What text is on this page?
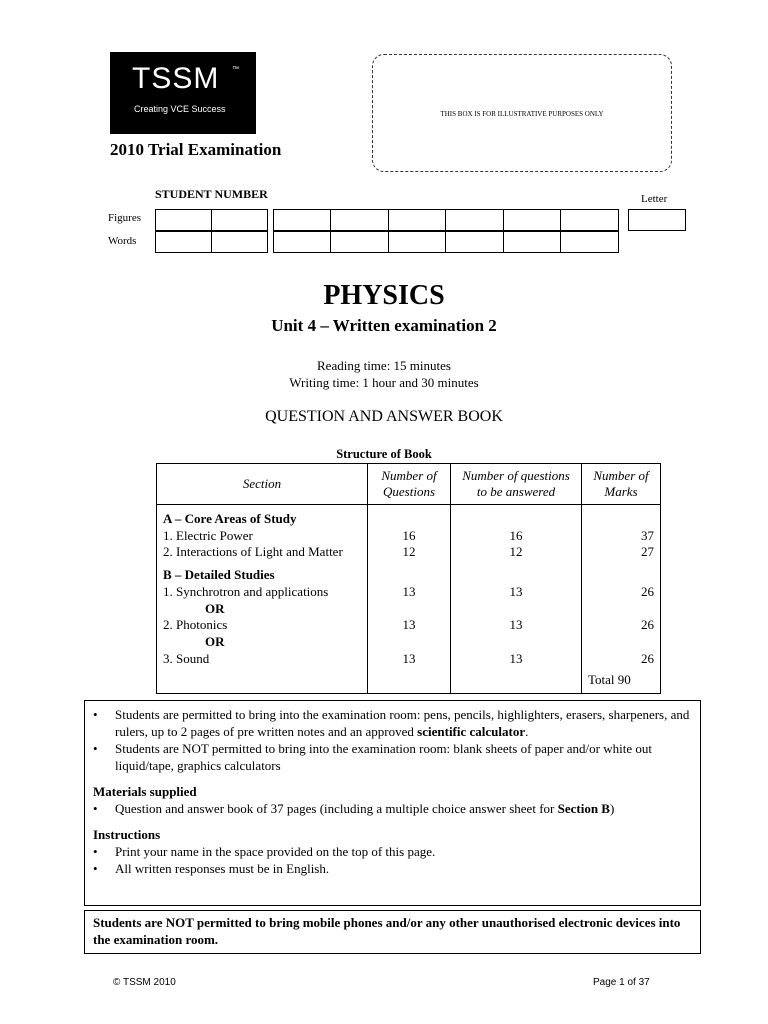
TSSM ™
Creating VCE Success
2010 Trial Examination
THIS BOX IS FOR ILLUSTRATIVE PURPOSES ONLY
STUDENT NUMBER	Letter
Figures
Words
PHYSICS
Unit 4 – Written examination 2
Reading time: 15 minutes
Writing time: 1 hour and 30 minutes
QUESTION AND ANSWER BOOK
Structure of Book
Section	Number of Questions	Number of questions to be answered	Number of Marks

A – Core Areas of Study			
1. Electric Power	16	16	37
2. Interactions of Light and Matter	12	12	27

B – Detailed Studies			
1. Synchrotron and applications	13	13	26
OR			
2. Photonics	13	13	26
OR			
3. Sound	13	13	26
			Total 90
• Students are permitted to bring into the examination room: pens, pencils, highlighters, erasers, sharpeners, and rulers, up to 2 pages of pre written notes and an approved scientific calculator.
• Students are NOT permitted to bring into the examination room: blank sheets of paper and/or white out liquid/tape, graphics calculators
Materials supplied
• Question and answer book of 37 pages (including a multiple choice answer sheet for Section B)
Instructions
• Print your name in the space provided on the top of this page.
• All written responses must be in English.
Students are NOT permitted to bring mobile phones and/or any other unauthorised electronic devices into the examination room.
© TSSM 2010	Page 1 of 37
